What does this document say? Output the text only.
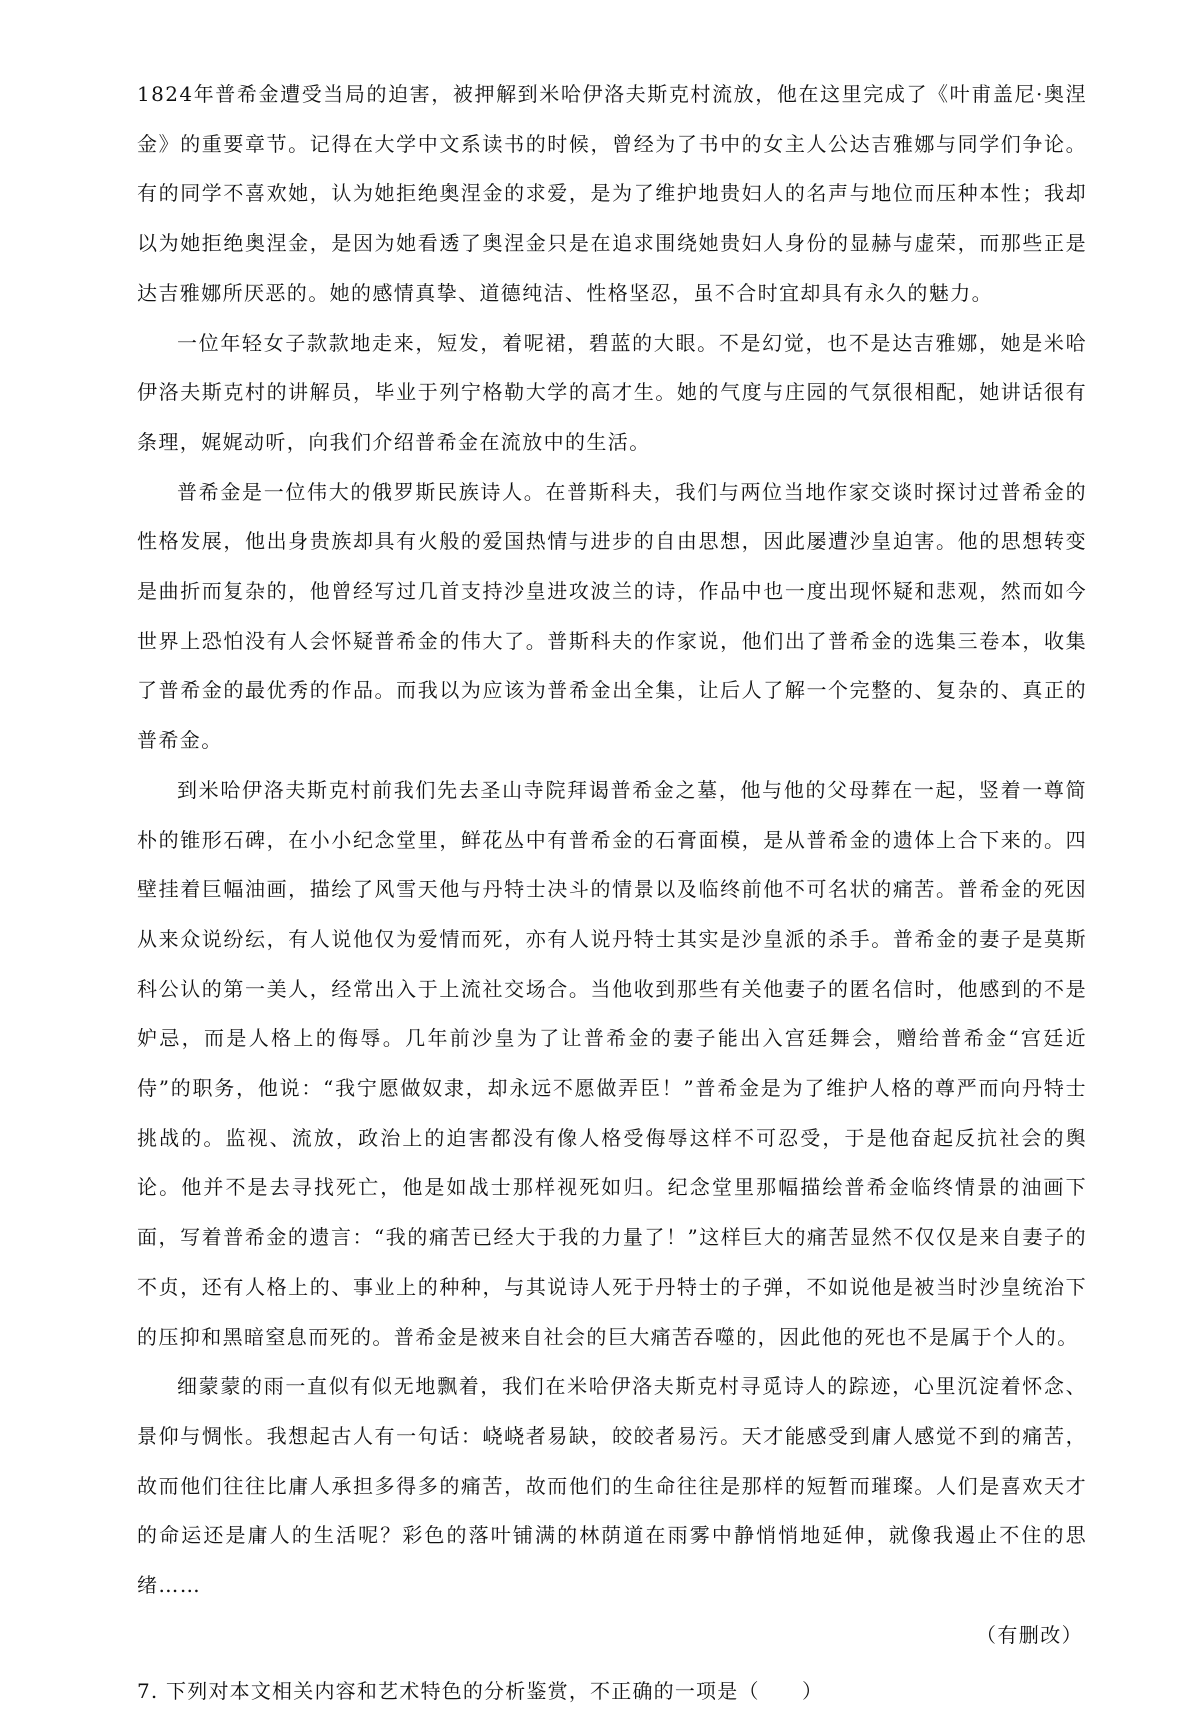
1824年普希金遭受当局的迫害，被押解到米哈伊洛夫斯克村流放，他在这里完成了《叶甫盖尼·奥涅金》的重要章节。记得在大学中文系读书的时候，曾经为了书中的女主人公达吉雅娜与同学们争论。有的同学不喜欢她，认为她拒绝奥涅金的求爱，是为了维护地贵妇人的名声与地位而压种本性；我却以为她拒绝奥涅金，是因为她看透了奥涅金只是在追求围绕她贵妇人身份的显赫与虚荣，而那些正是达吉雅娜所厌恶的。她的感情真挚、道德纯洁、性格坚忍，虽不合时宜却具有永久的魅力。

一位年轻女子款款地走来，短发，着呢裙，碧蓝的大眼。不是幻觉，也不是达吉雅娜，她是米哈伊洛夫斯克村的讲解员，毕业于列宁格勒大学的高才生。她的气度与庄园的气氛很相配，她讲话很有条理，娓娓动听，向我们介绍普希金在流放中的生活。

普希金是一位伟大的俄罗斯民族诗人。在普斯科夫，我们与两位当地作家交谈时探讨过普希金的性格发展，他出身贵族却具有火般的爱国热情与进步的自由思想，因此屡遭沙皇迫害。他的思想转变是曲折而复杂的，他曾经写过几首支持沙皇进攻波兰的诗，作品中也一度出现怀疑和悲观，然而如今世界上恐怕没有人会怀疑普希金的伟大了。普斯科夫的作家说，他们出了普希金的选集三卷本，收集了普希金的最优秀的作品。而我以为应该为普希金出全集，让后人了解一个完整的、复杂的、真正的普希金。

到米哈伊洛夫斯克村前我们先去圣山寺院拜谒普希金之墓，他与他的父母葬在一起，竖着一尊简朴的锥形石碑，在小小纪念堂里，鲜花丛中有普希金的石膏面模，是从普希金的遗体上合下来的。四壁挂着巨幅油画，描绘了风雪天他与丹特士决斗的情景以及临终前他不可名状的痛苦。普希金的死因从来众说纷纭，有人说他仅为爱情而死，亦有人说丹特士其实是沙皇派的杀手。普希金的妻子是莫斯科公认的第一美人，经常出入于上流社交场合。当他收到那些有关他妻子的匿名信时，他感到的不是妒忌，而是人格上的侮辱。几年前沙皇为了让普希金的妻子能出入宫廷舞会，赠给普希金“宫廷近侍”的职务，他说：“我宁愿做奴隶，却永远不愿做弄臣！”普希金是为了维护人格的尊严而向丹特士挑战的。监视、流放，政治上的迫害都没有像人格受侮辱这样不可忍受，于是他奋起反抗社会的舆论。他并不是去寻找死亡，他是如战士那样视死如归。纪念堂里那幅描绘普希金临终情景的油画下面，写着普希金的遗言：“我的痛苦已经大于我的力量了！”这样巨大的痛苦显然不仅仅是来自妻子的不贞，还有人格上的、事业上的种种，与其说诗人死于丹特士的子弹，不如说他是被当时沙皇统治下的压抑和黑暗窒息而死的。普希金是被来自社会的巨大痛苦吞噬的，因此他的死也不是属于个人的。

细蒙蒙的雨一直似有似无地飘着，我们在米哈伊洛夫斯克村寻觅诗人的踪迹，心里沉淀着怀念、景仰与惆怅。我想起古人有一句话：峣峣者易缺，皎皎者易污。天才能感受到庸人感觉不到的痛苦，故而他们往往比庸人承担多得多的痛苦，故而他们的生命往往是那样的短暂而璀璨。人们是喜欢天才的命运还是庸人的生活呢？彩色的落叶铺满的林荫道在雨雾中静悄悄地延伸，就像我遏止不住的思绪……

（有删改）

7. 下列对本文相关内容和艺术特色的分析鉴赏，不正确的一项是（　　）
